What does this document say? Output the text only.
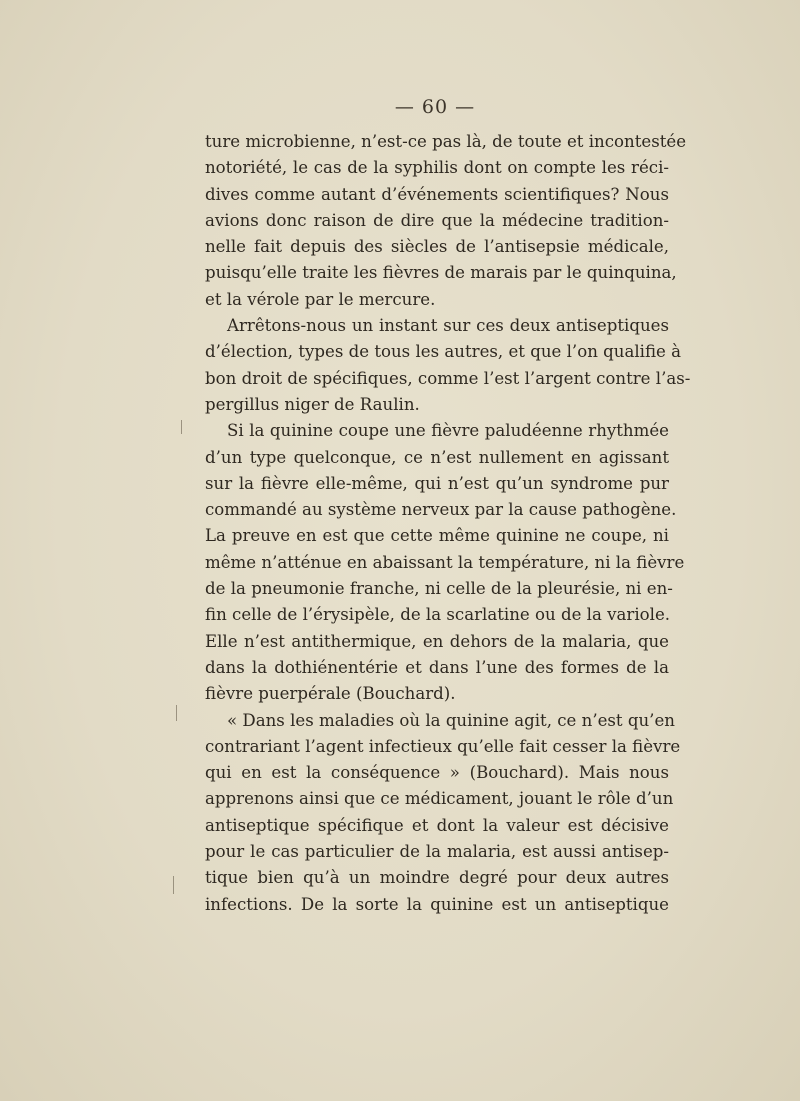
— 60 —
ture microbienne, n’est-ce pas là, de toute et incontestée
notoriété, le cas de la syphilis dont on compte les réci-
dives comme autant d’événements scientifiques? Nous
avions donc raison de dire que la médecine tradition-
nelle fait depuis des siècles de l’antisepsie médicale,
puisqu’elle traite les fièvres de marais par le quinquina,
et la vérole par le mercure.
Arrêtons-nous un instant sur ces deux antiseptiques
d’élection, types de tous les autres, et que l’on qualifie à
bon droit de spécifiques, comme l’est l’argent contre l’as-
pergillus niger de Raulin.
Si la quinine coupe une fièvre paludéenne rhythmée
d’un type quelconque, ce n’est nullement en agissant
sur la fièvre elle-même, qui n’est qu’un syndrome pur
commandé au système nerveux par la cause pathogène.
La preuve en est que cette même quinine ne coupe, ni
même n’atténue en abaissant la température, ni la fièvre
de la pneumonie franche, ni celle de la pleurésie, ni en-
fin celle de l’érysipèle, de la scarlatine ou de la variole.
Elle n’est antithermique, en dehors de la malaria, que
dans la dothiénentérie et dans l’une des formes de la
fièvre puerpérale (Bouchard).
« Dans les maladies où la quinine agit, ce n’est qu’en
contrariant l’agent infectieux qu’elle fait cesser la fièvre
qui en est la conséquence » (Bouchard). Mais nous
apprenons ainsi que ce médicament, jouant le rôle d’un
antiseptique spécifique et dont la valeur est décisive
pour le cas particulier de la malaria, est aussi antisep-
tique bien qu’à un moindre degré pour deux autres
infections. De la sorte la quinine est un antiseptique
